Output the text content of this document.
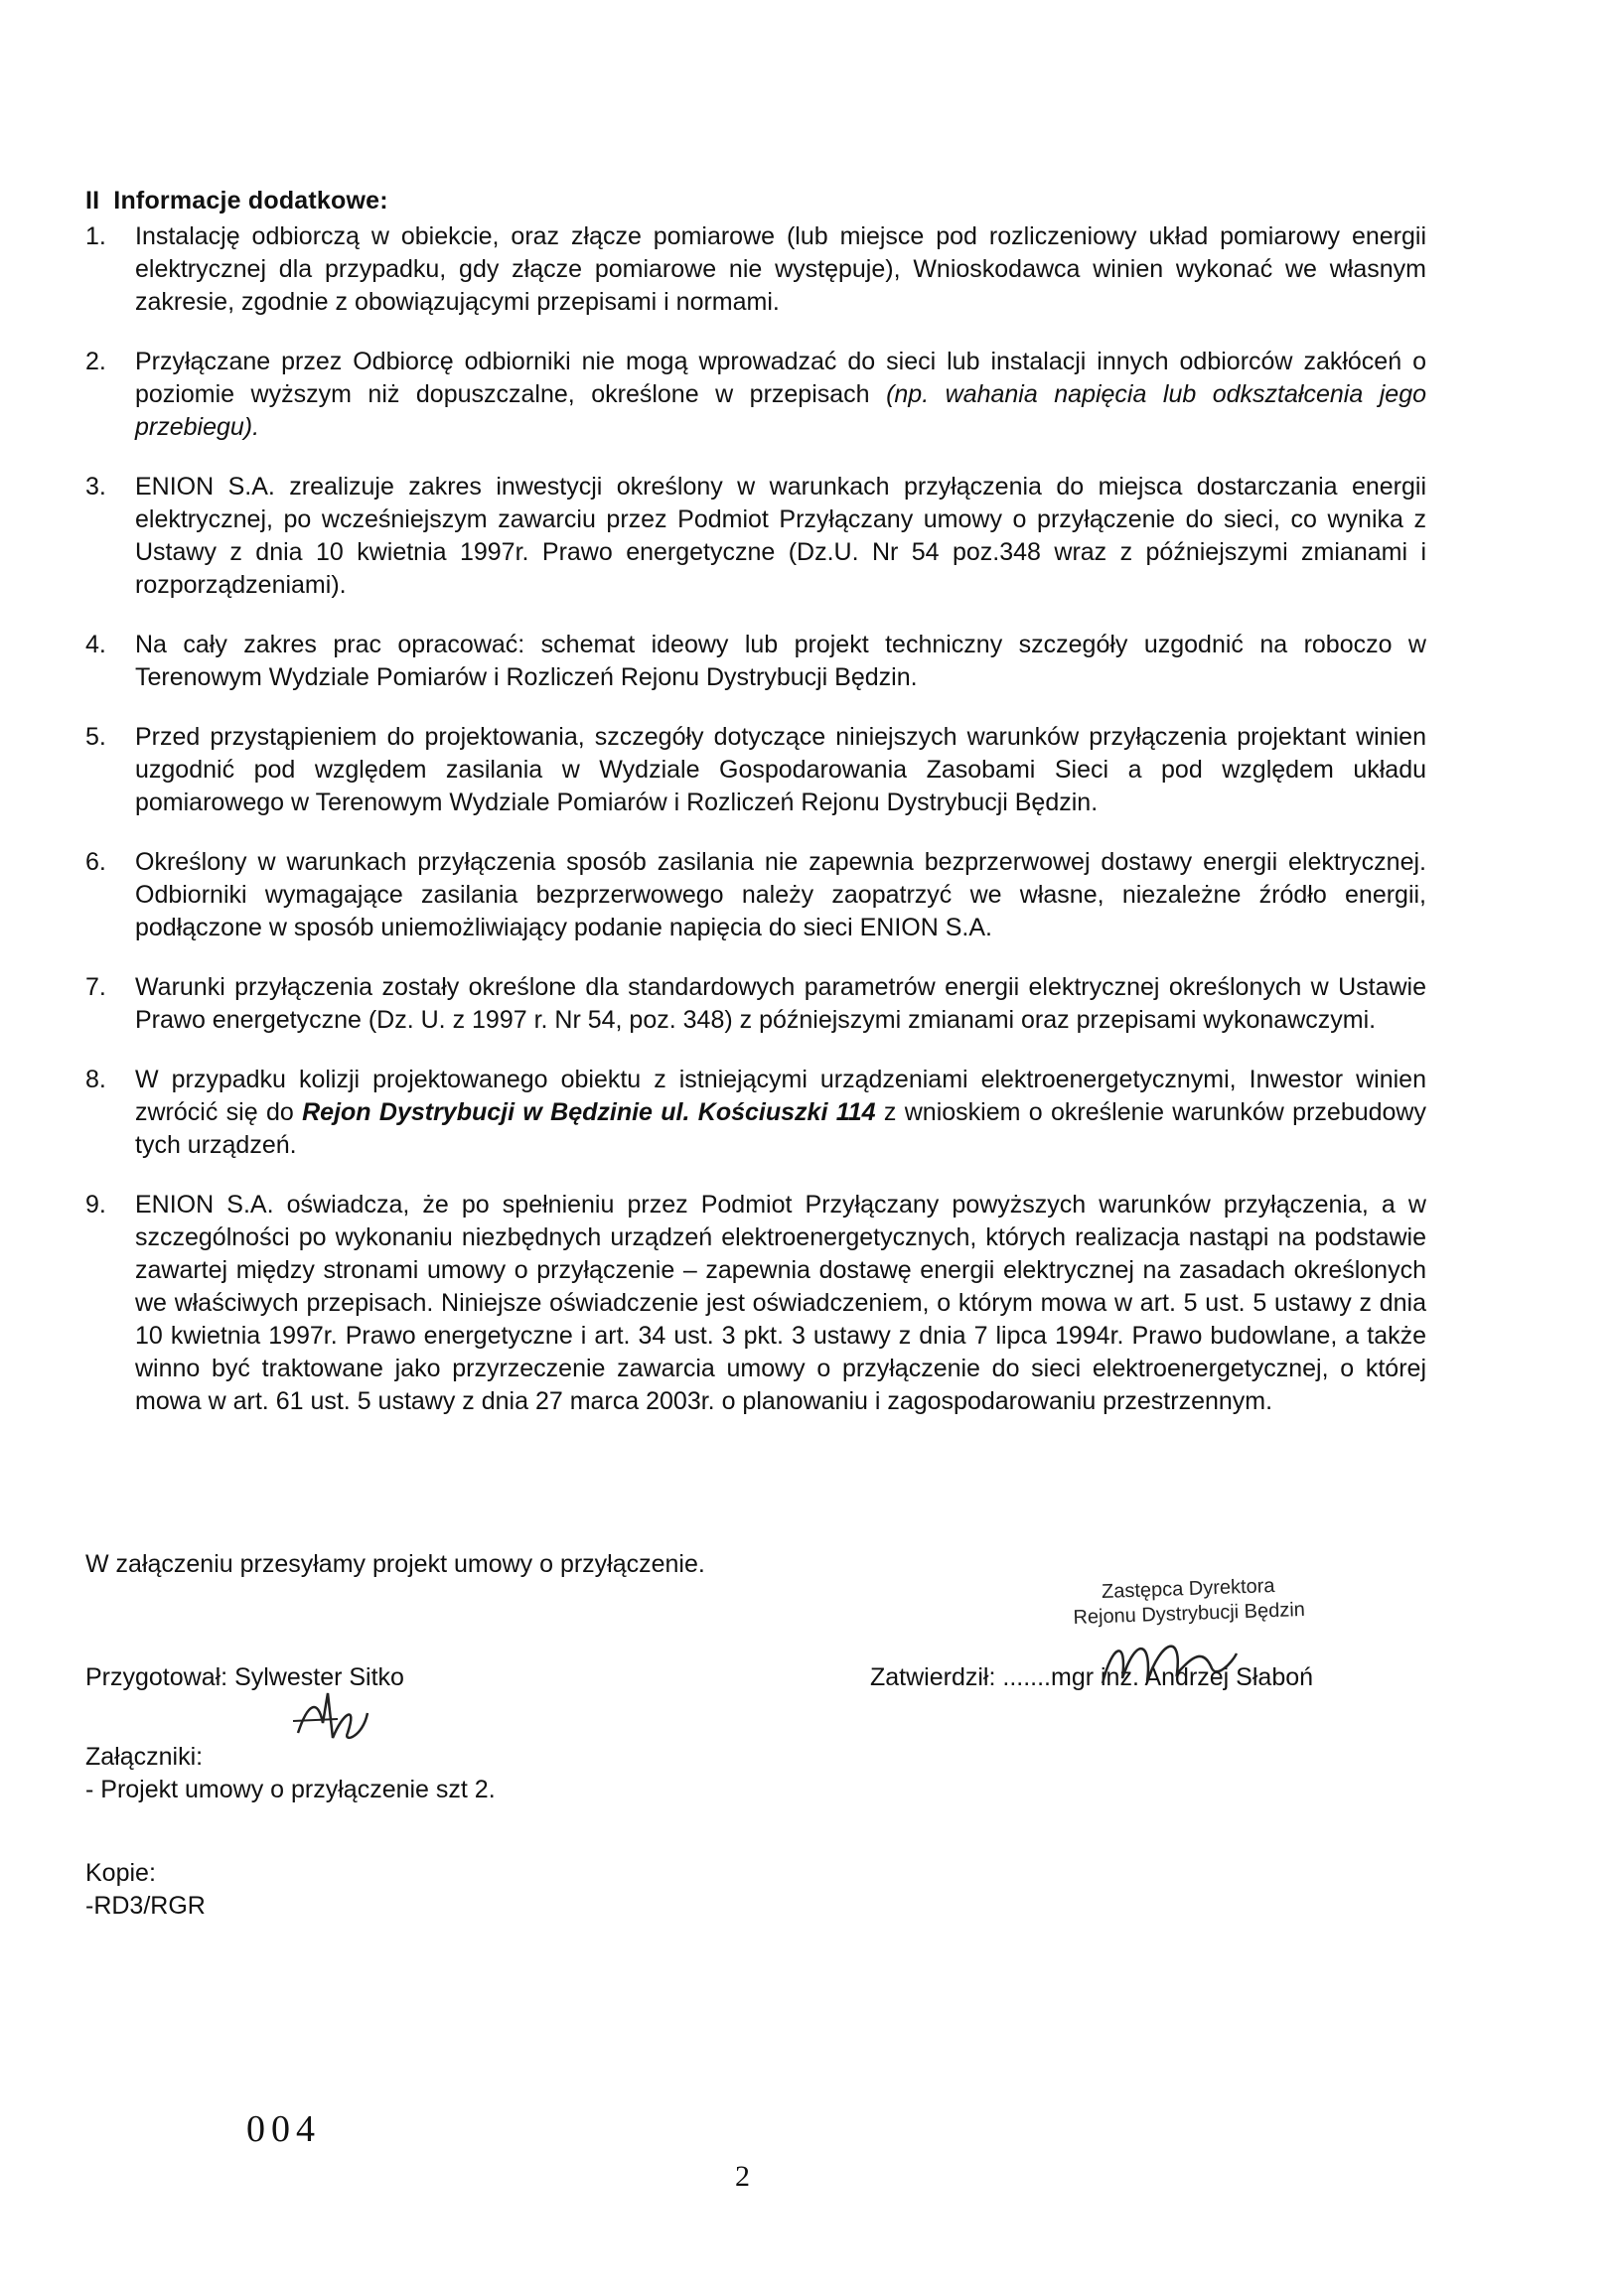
II Informacje dodatkowe:
1.	Instalację odbiorczą w obiekcie, oraz złącze pomiarowe (lub miejsce pod rozliczeniowy układ pomiarowy energii elektrycznej dla przypadku, gdy złącze pomiarowe nie występuje), Wnioskodawca winien wykonać we własnym zakresie, zgodnie z obowiązującymi przepisami i normami.
2.	Przyłączane przez Odbiorcę odbiorniki nie mogą wprowadzać do sieci lub instalacji innych odbiorców zakłóceń o poziomie wyższym niż dopuszczalne, określone w przepisach (np. wahania napięcia lub odkształcenia jego przebiegu).
3.	ENION S.A. zrealizuje zakres inwestycji określony w warunkach przyłączenia do miejsca dostarczania energii elektrycznej, po wcześniejszym zawarciu przez Podmiot Przyłączany umowy o przyłączenie do sieci, co wynika z Ustawy z dnia 10 kwietnia 1997r. Prawo energetyczne (Dz.U. Nr 54 poz.348 wraz z późniejszymi zmianami i rozporządzeniami).
4.	Na cały zakres prac opracować: schemat ideowy lub projekt techniczny szczegóły uzgodnić na roboczo w Terenowym Wydziale Pomiarów i Rozliczeń Rejonu Dystrybucji Będzin.
5.	Przed przystąpieniem do projektowania, szczegóły dotyczące niniejszych warunków przyłączenia projektant winien uzgodnić pod względem zasilania w Wydziale Gospodarowania Zasobami Sieci a pod względem układu pomiarowego w Terenowym Wydziale Pomiarów i Rozliczeń Rejonu Dystrybucji Będzin.
6.	Określony w warunkach przyłączenia sposób zasilania nie zapewnia bezprzerwowej dostawy energii elektrycznej. Odbiorniki wymagające zasilania bezprzerwowego należy zaopatrzyć we własne, niezależne źródło energii, podłączone w sposób uniemożliwiający podanie napięcia do sieci ENION S.A.
7.	Warunki przyłączenia zostały określone dla standardowych parametrów energii elektrycznej określonych w Ustawie Prawo energetyczne (Dz. U. z 1997 r. Nr 54, poz. 348) z późniejszymi zmianami oraz przepisami wykonawczymi.
8.	W przypadku kolizji projektowanego obiektu z istniejącymi urządzeniami elektroenergetycznymi, Inwestor winien zwrócić się do Rejon Dystrybucji w Będzinie ul. Kościuszki 114 z wnioskiem o określenie warunków przebudowy tych urządzeń.
9.	ENION S.A. oświadcza, że po spełnieniu przez Podmiot Przyłączany powyższych warunków przyłączenia, a w szczególności po wykonaniu niezbędnych urządzeń elektroenergetycznych, których realizacja nastąpi na podstawie zawartej między stronami umowy o przyłączenie – zapewnia dostawę energii elektrycznej na zasadach określonych we właściwych przepisach. Niniejsze oświadczenie jest oświadczeniem, o którym mowa w art. 5 ust. 5 ustawy z dnia 10 kwietnia 1997r. Prawo energetyczne i art. 34 ust. 3 pkt. 3 ustawy z dnia 7 lipca 1994r. Prawo budowlane, a także winno być traktowane jako przyrzeczenie zawarcia umowy o przyłączenie do sieci elektroenergetycznej, o której mowa w art. 61 ust. 5 ustawy z dnia 27 marca 2003r. o planowaniu i zagospodarowaniu przestrzennym.
W załączeniu przesyłamy projekt umowy o przyłączenie.
Zastępca Dyrektora
Rejonu Dystrybucji Będzin
Przygotował: Sylwester Sitko	Zatwierdził: .......mgr inż. Andrzej Słaboń
Załączniki:
- Projekt umowy o przyłączenie szt 2.
Kopie:
-RD3/RGR
004
2
